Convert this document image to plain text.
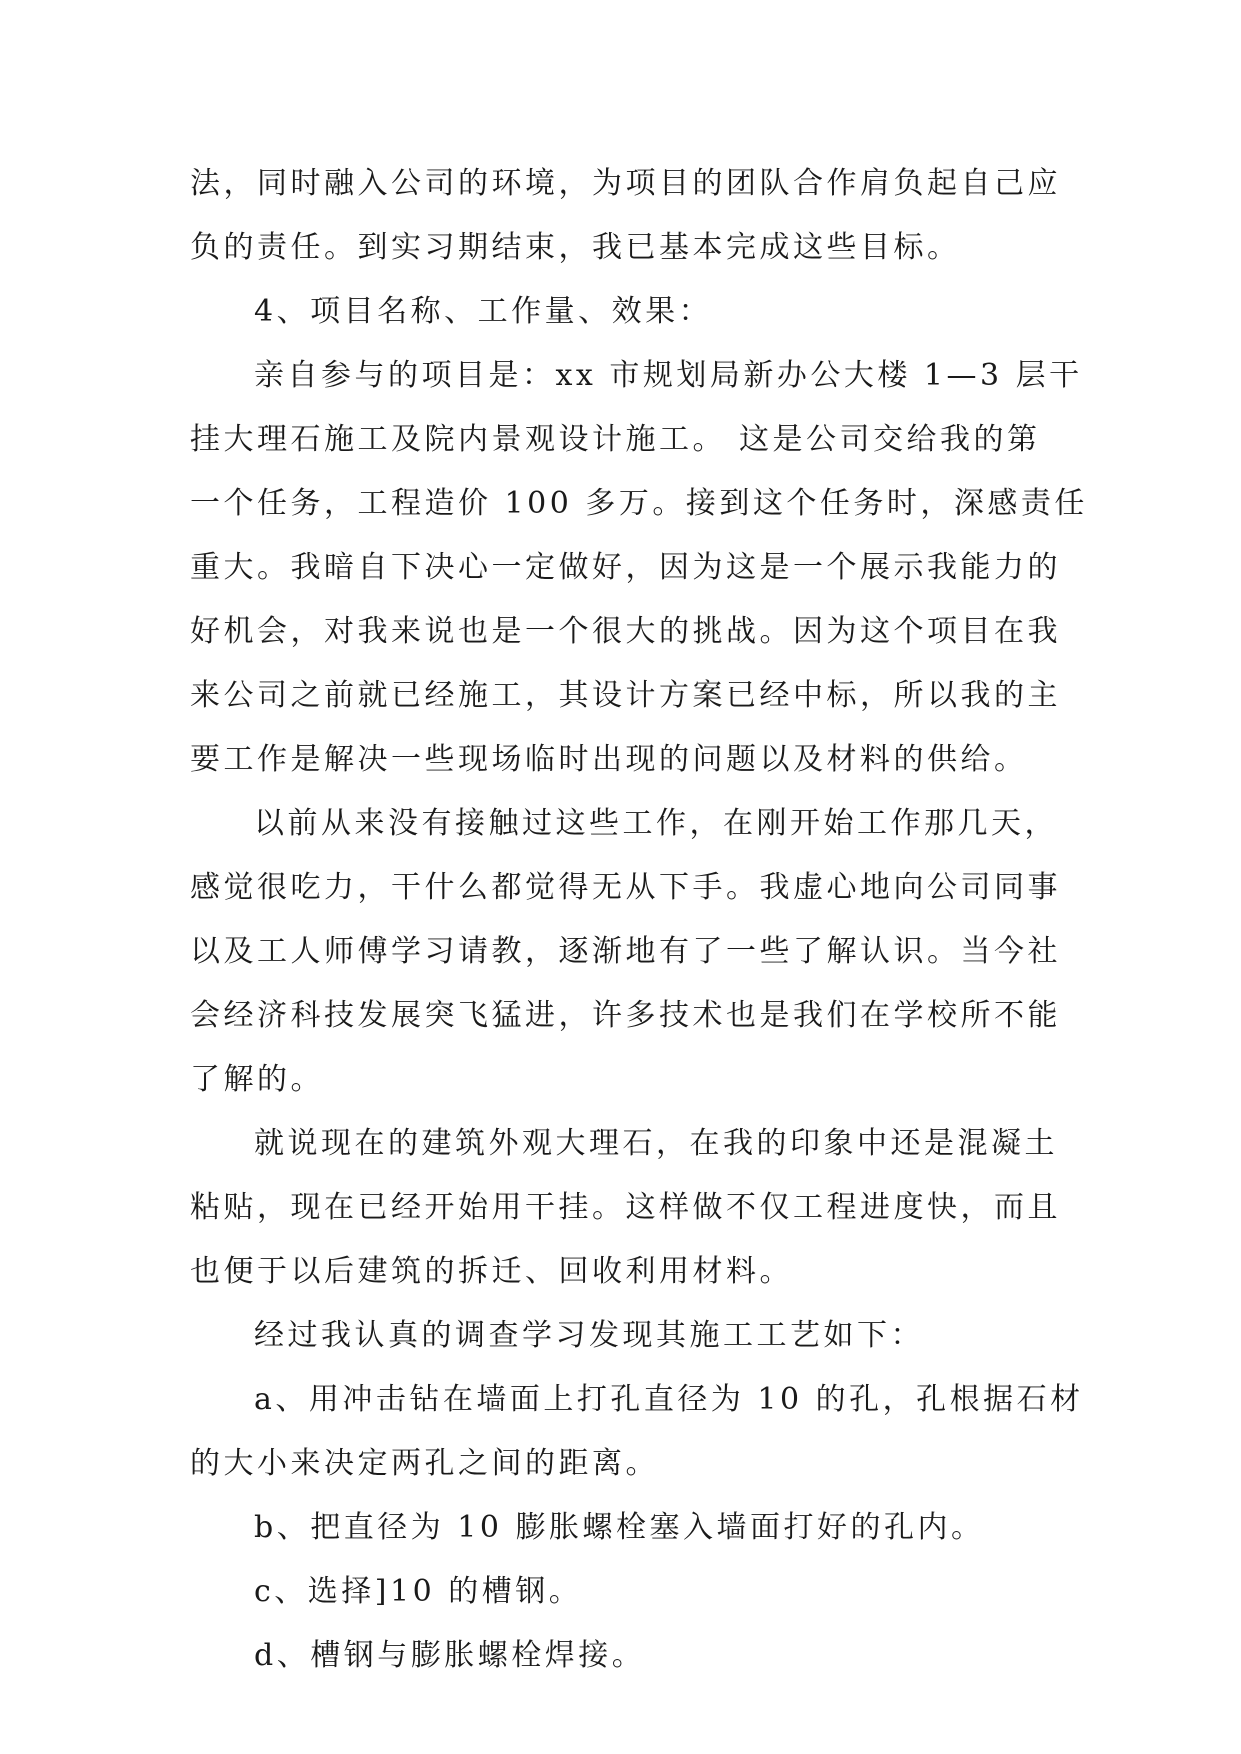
法，同时融入公司的环境，为项目的团队合作肩负起自己应
负的责任。到实习期结束，我已基本完成这些目标。
4、项目名称、工作量、效果：
亲自参与的项目是：xx 市规划局新办公大楼 1—3 层干
挂大理石施工及院内景观设计施工。 这是公司交给我的第
一个任务，工程造价 100 多万。接到这个任务时，深感责任
重大。我暗自下决心一定做好，因为这是一个展示我能力的
好机会，对我来说也是一个很大的挑战。因为这个项目在我
来公司之前就已经施工，其设计方案已经中标，所以我的主
要工作是解决一些现场临时出现的问题以及材料的供给。
以前从来没有接触过这些工作，在刚开始工作那几天，
感觉很吃力，干什么都觉得无从下手。我虚心地向公司同事
以及工人师傅学习请教，逐渐地有了一些了解认识。当今社
会经济科技发展突飞猛进，许多技术也是我们在学校所不能
了解的。
就说现在的建筑外观大理石，在我的印象中还是混凝土
粘贴，现在已经开始用干挂。这样做不仅工程进度快，而且
也便于以后建筑的拆迁、回收利用材料。
经过我认真的调查学习发现其施工工艺如下：
a、用冲击钻在墙面上打孔直径为 10 的孔，孔根据石材
的大小来决定两孔之间的距离。
b、把直径为 10 膨胀螺栓塞入墙面打好的孔内。
c、选择]10 的槽钢。
d、槽钢与膨胀螺栓焊接。
